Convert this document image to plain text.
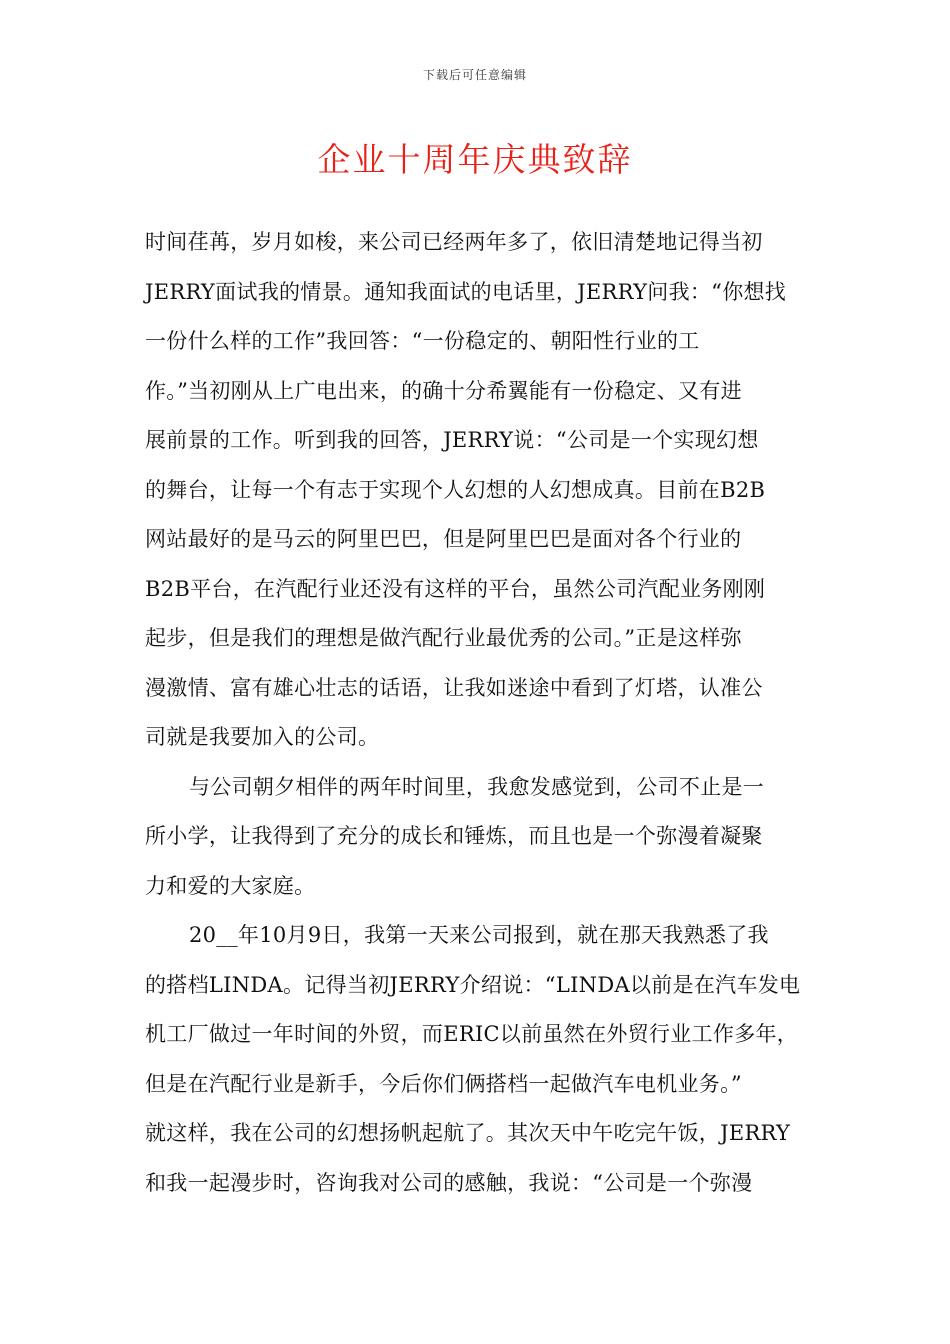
下载后可任意编辑
企业十周年庆典致辞
时间荏苒，岁月如梭，来公司已经两年多了，依旧清楚地记得当初
JERRY面试我的情景。通知我面试的电话里，JERRY问我：“你想找
一份什么样的工作”我回答：“一份稳定的、朝阳性行业的工
作。”当初刚从上广电出来，的确十分希翼能有一份稳定、又有进
展前景的工作。听到我的回答，JERRY说：“公司是一个实现幻想
的舞台，让每一个有志于实现个人幻想的人幻想成真。目前在B2B
网站最好的是马云的阿里巴巴，但是阿里巴巴是面对各个行业的
B2B平台，在汽配行业还没有这样的平台，虽然公司汽配业务刚刚
起步，但是我们的理想是做汽配行业最优秀的公司。”正是这样弥
漫激情、富有雄心壮志的话语，让我如迷途中看到了灯塔，认准公
司就是我要加入的公司。
与公司朝夕相伴的两年时间里，我愈发感觉到，公司不止是一
所小学，让我得到了充分的成长和锤炼，而且也是一个弥漫着凝聚
力和爱的大家庭。
20__年10月9日，我第一天来公司报到，就在那天我熟悉了我
的搭档LINDA。记得当初JERRY介绍说：“LINDA以前是在汽车发电
机工厂做过一年时间的外贸，而ERIC以前虽然在外贸行业工作多年，
但是在汽配行业是新手，今后你们俩搭档一起做汽车电机业务。”
就这样，我在公司的幻想扬帆起航了。其次天中午吃完午饭，JERRY
和我一起漫步时，咨询我对公司的感触，我说：“公司是一个弥漫
